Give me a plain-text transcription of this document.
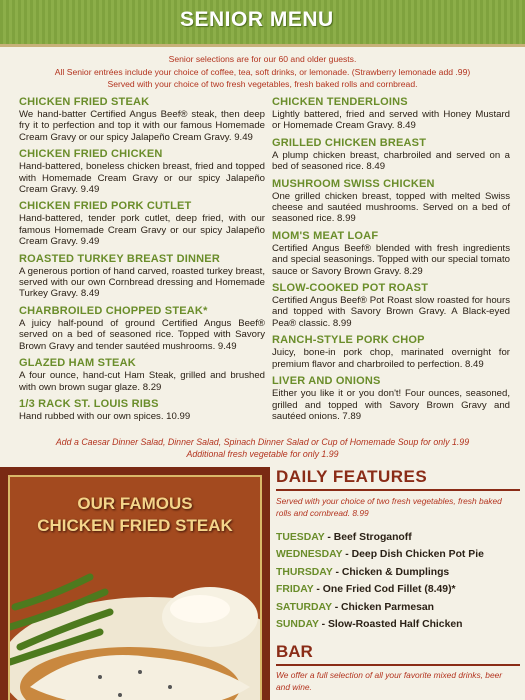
SENIOR MENU
Senior selections are for our 60 and older guests.
All Senior entrées include your choice of coffee, tea, soft drinks, or lemonade. (Strawberry lemonade add .99)
Served with your choice of two fresh vegetables, fresh baked rolls and cornbread.
CHICKEN FRIED STEAK
We hand-batter Certified Angus Beef® steak, then deep fry it to perfection and top it with our famous Homemade Cream Gravy or our spicy Jalapeño Cream Gravy. 9.49
CHICKEN FRIED CHICKEN
Hand-battered, boneless chicken breast, fried and topped with Homemade Cream Gravy or our spicy Jalapeño Cream Gravy. 9.49
CHICKEN FRIED PORK CUTLET
Hand-battered, tender pork cutlet, deep fried, with our famous Homemade Cream Gravy or our spicy Jalapeño Cream Gravy. 9.49
ROASTED TURKEY BREAST DINNER
A generous portion of hand carved, roasted turkey breast, served with our own Cornbread dressing and Homemade Turkey Gravy. 8.49
CHARBROILED CHOPPED STEAK*
A juicy half-pound of ground Certified Angus Beef® served on a bed of seasoned rice. Topped with Savory Brown Gravy and tender sautéed mushrooms. 9.49
GLAZED HAM STEAK
A four ounce, hand-cut Ham Steak, grilled and brushed with own brown sugar glaze. 8.29
1/3 RACK ST. LOUIS RIBS
Hand rubbed with our own spices. 10.99
CHICKEN TENDERLOINS
Lightly battered, fried and served with Honey Mustard or Homemade Cream Gravy. 8.49
GRILLED CHICKEN BREAST
A plump chicken breast, charbroiled and served on a bed of seasoned rice. 8.49
MUSHROOM SWISS CHICKEN
One grilled chicken breast, topped with melted Swiss cheese and sautéed mushrooms. Served on a bed of seasoned rice. 8.99
MOM'S MEAT LOAF
Certified Angus Beef® blended with fresh ingredients and special seasonings. Topped with our special tomato sauce or Savory Brown Gravy. 8.29
SLOW-COOKED POT ROAST
Certified Angus Beef® Pot Roast slow roasted for hours and topped with Savory Brown Gravy. A Black-eyed Pea® classic. 8.99
RANCH-STYLE PORK CHOP
Juicy, bone-in pork chop, marinated overnight for premium flavor and charbroiled to perfection. 8.49
LIVER AND ONIONS
Either you like it or you don't! Four ounces, seasoned, grilled and topped with Savory Brown Gravy and sautéed onions. 7.89
Add a Caesar Dinner Salad, Dinner Salad, Spinach Dinner Salad or Cup of Homemade Soup for only 1.99
Additional fresh vegetable for only 1.99
OUR FAMOUS
CHICKEN FRIED STEAK
DAILY FEATURES
Served with your choice of two fresh vegetables, fresh baked rolls and cornbread. 8.99
TUESDAY - Beef Stroganoff
WEDNESDAY - Deep Dish Chicken Pot Pie
THURSDAY - Chicken & Dumplings
FRIDAY - One Fried Cod Fillet (8.49)*
SATURDAY - Chicken Parmesan
SUNDAY - Slow-Roasted Half Chicken
BAR
We offer a full selection of all your favorite mixed drinks, beer and wine.
